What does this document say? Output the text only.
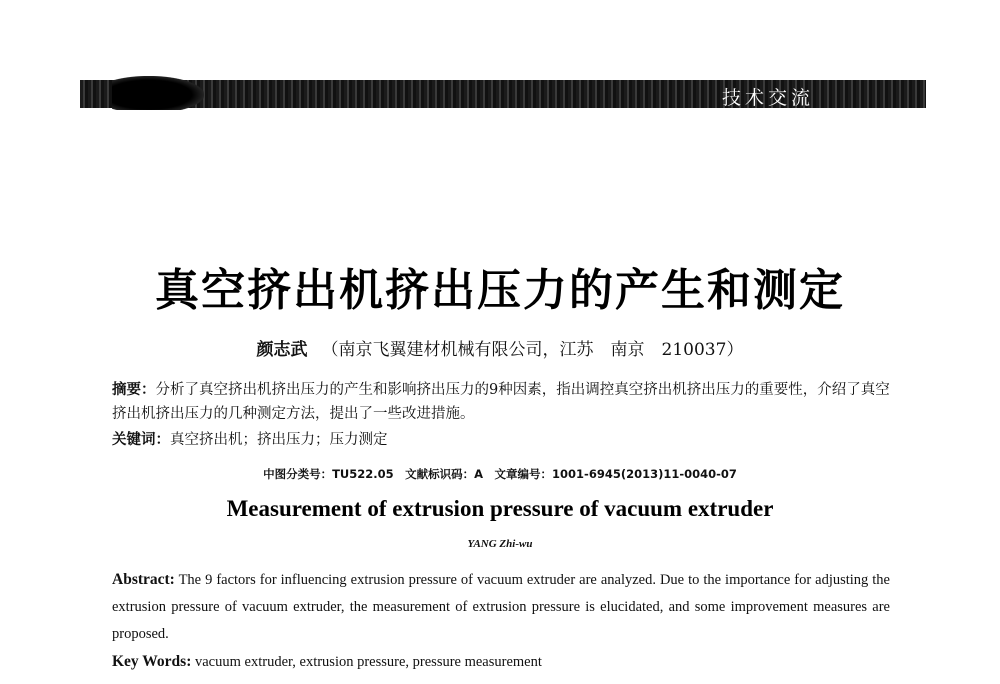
技术交流
真空挤出机挤出压力的产生和测定
颜志武 （南京飞翼建材机械有限公司，江苏　南京　210037）
摘要：分析了真空挤出机挤出压力的产生和影响挤出压力的9种因素，指出调控真空挤出机挤出压力的重要性，介绍了真空挤出机挤出压力的几种测定方法，提出了一些改进措施。
关键词：真空挤出机；挤出压力；压力测定
中图分类号：TU522.05　文献标识码：A　文章编号：1001-6945(2013)11-0040-07
Measurement of extrusion pressure of vacuum extruder
YANG Zhi-wu
Abstract: The 9 factors for influencing extrusion pressure of vacuum extruder are analyzed. Due to the importance for adjusting the extrusion pressure of vacuum extruder, the measurement of extrusion pressure is elucidated, and some improvement measures are proposed.
Key Words: vacuum extruder, extrusion pressure, pressure measurement
